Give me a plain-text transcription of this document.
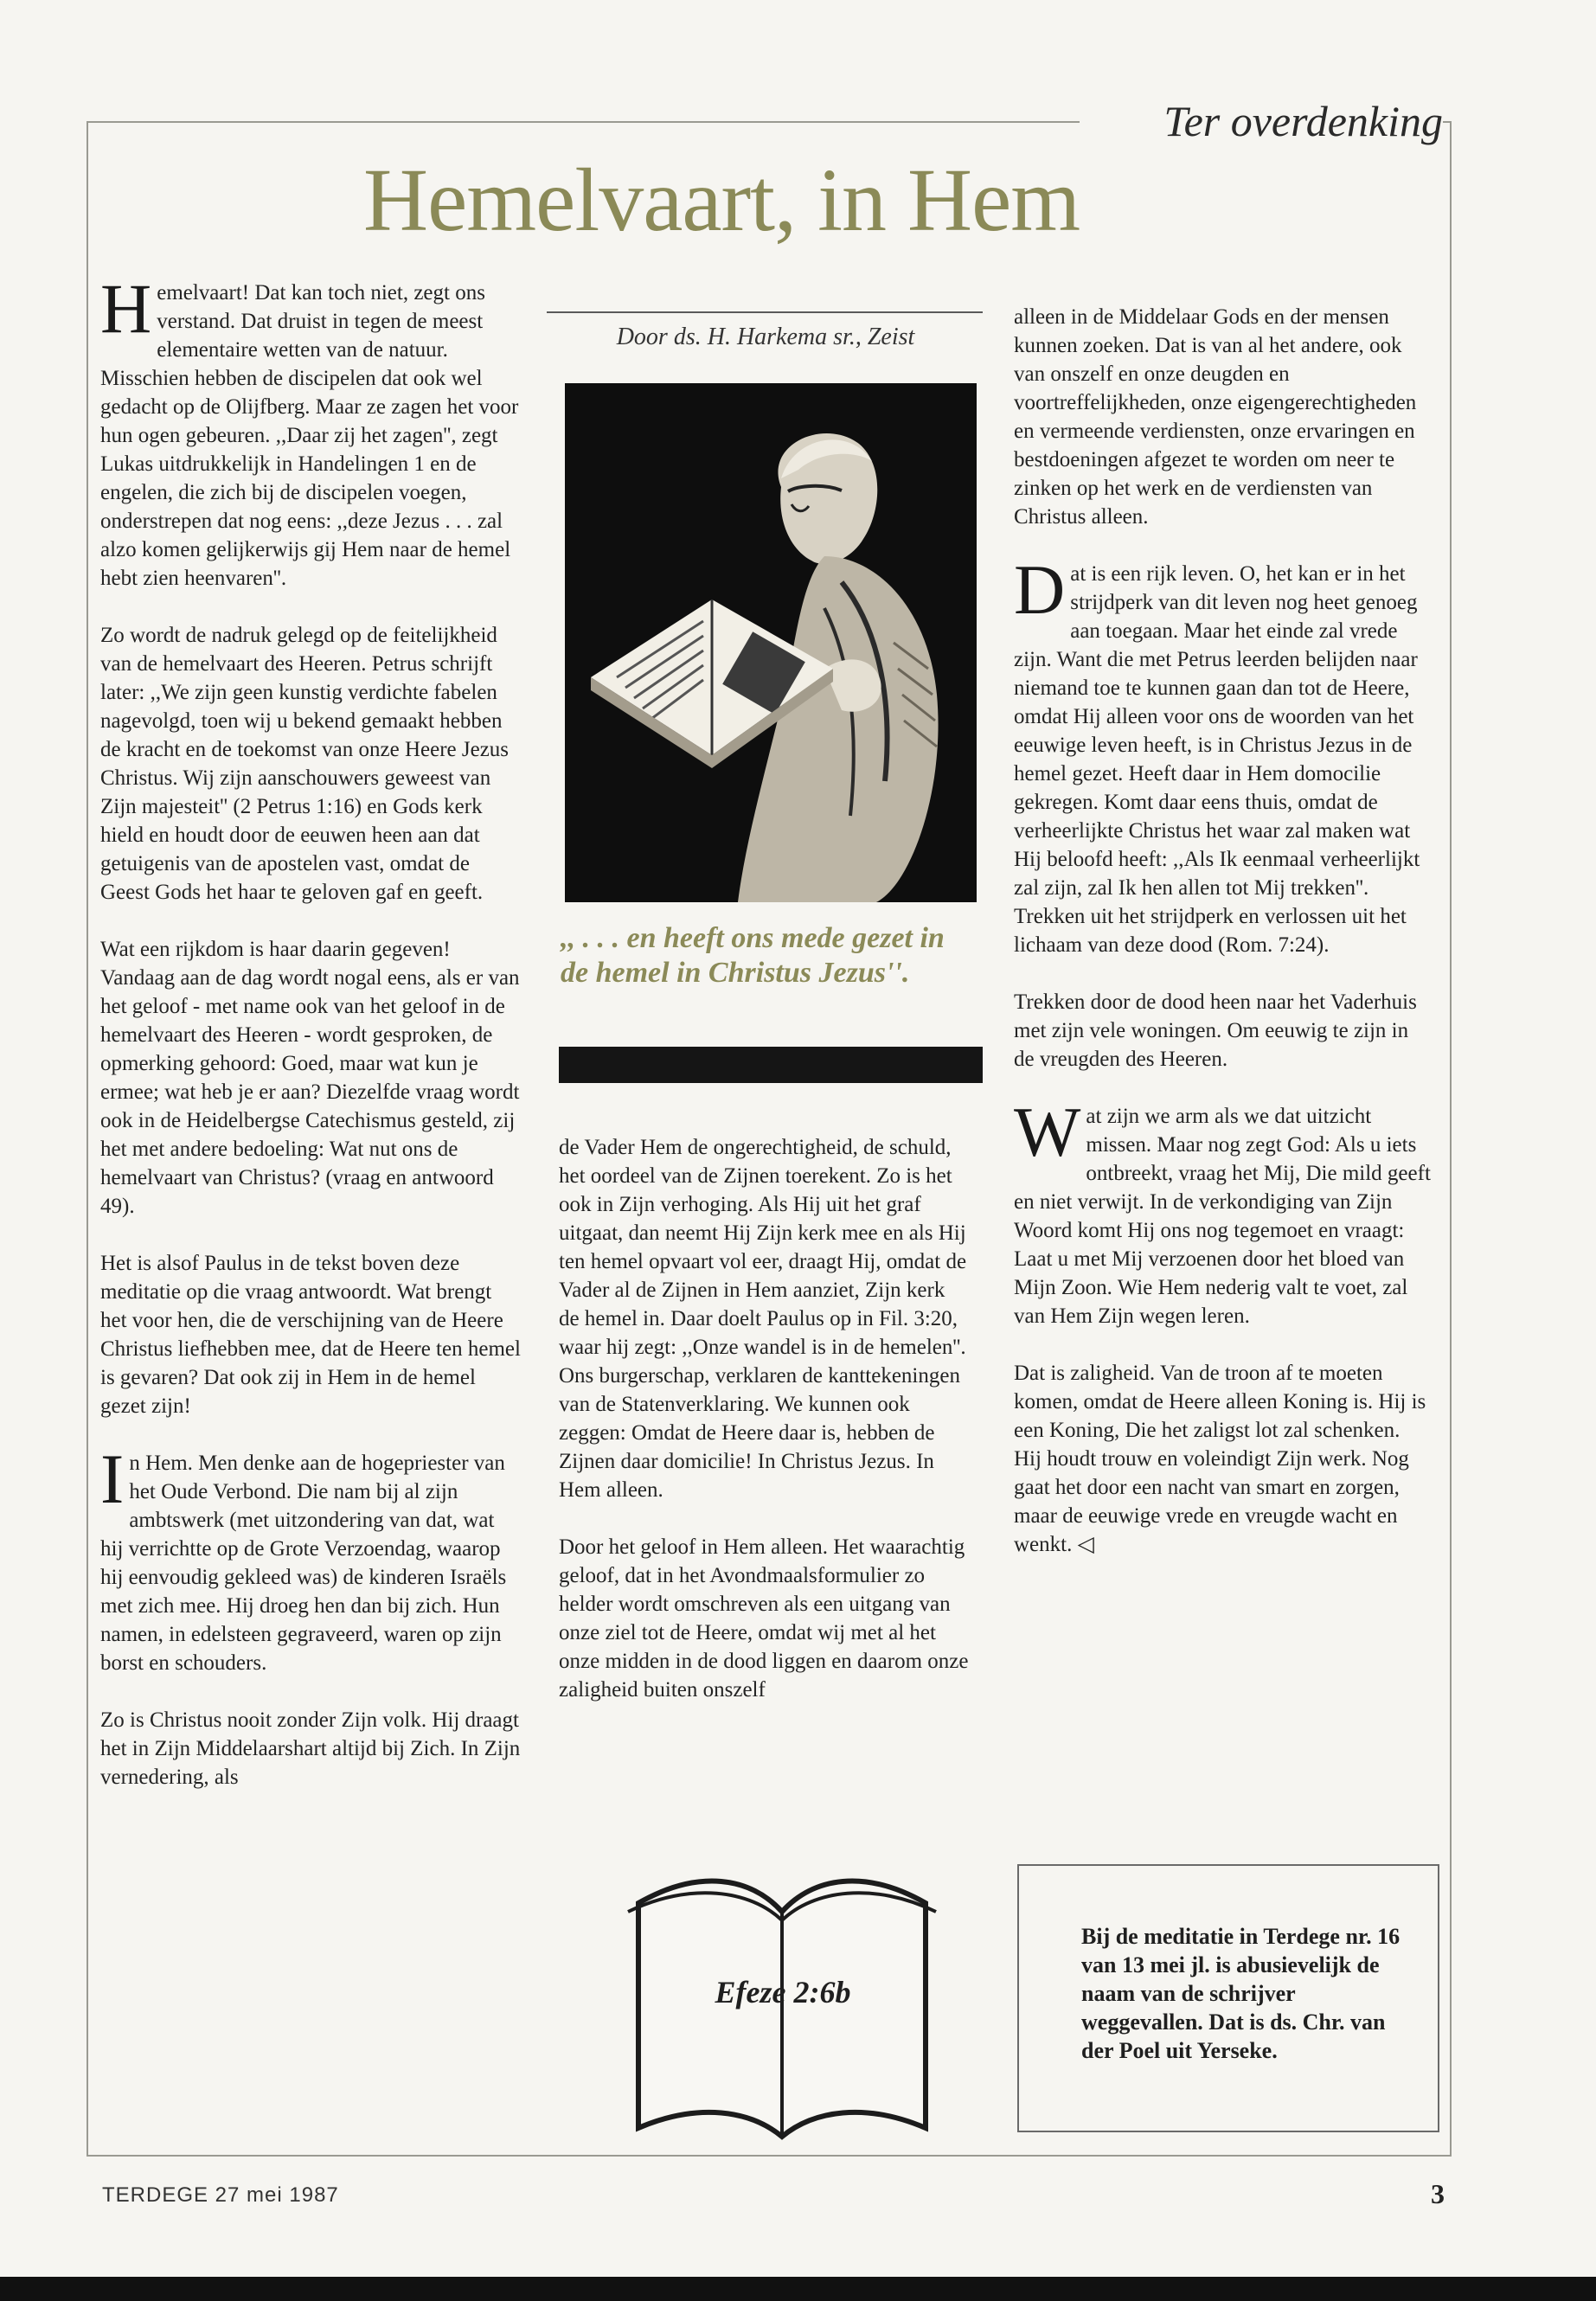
Ter overdenking
Hemelvaart, in Hem

Hemelvaart! Dat kan toch niet, zegt ons verstand. Dat druist in tegen de meest elementaire wetten van de natuur. Misschien hebben de discipelen dat ook wel gedacht op de Olijfberg. Maar ze zagen het voor hun ogen gebeuren. ,,Daar zij het zagen'', zegt Lukas uitdrukkelijk in Handelingen 1 en de engelen, die zich bij de discipelen voegen, onderstrepen dat nog eens: ,,deze Jezus . . . zal alzo komen gelijkerwijs gij Hem naar de hemel hebt zien heenvaren''.

Zo wordt de nadruk gelegd op de feitelijkheid van de hemelvaart des Heeren. Petrus schrijft later: ,,We zijn geen kunstig verdichte fabelen nagevolgd, toen wij u bekend gemaakt hebben de kracht en de toekomst van onze Heere Jezus Christus. Wij zijn aanschouwers geweest van Zijn majesteit'' (2 Petrus 1:16) en Gods kerk hield en houdt door de eeuwen heen aan dat getuigenis van de apostelen vast, omdat de Geest Gods het haar te geloven gaf en geeft.

Wat een rijkdom is haar daarin gegeven! Vandaag aan de dag wordt nogal eens, als er van het geloof - met name ook van het geloof in de hemelvaart des Heeren - wordt gesproken, de opmerking gehoord: Goed, maar wat kun je ermee; wat heb je er aan? Diezelfde vraag wordt ook in de Heidelbergse Catechismus gesteld, zij het met andere bedoeling: Wat nut ons de hemelvaart van Christus? (vraag en antwoord 49).

Het is alsof Paulus in de tekst boven deze meditatie op die vraag antwoordt. Wat brengt het voor hen, die de verschijning van de Heere Christus liefhebben mee, dat de Heere ten hemel is gevaren? Dat ook zij in Hem in de hemel gezet zijn!

In Hem. Men denke aan de hogepriester van het Oude Verbond. Die nam bij al zijn ambtswerk (met uitzondering van dat, wat hij verrichtte op de Grote Verzoendag, waarop hij eenvoudig gekleed was) de kinderen Israëls met zich mee. Hij droeg hen dan bij zich. Hun namen, in edelsteen gegraveerd, waren op zijn borst en schouders.

Zo is Christus nooit zonder Zijn volk. Hij draagt het in Zijn Middelaarshart altijd bij Zich. In Zijn vernedering, als

Door ds. H. Harkema sr., Zeist
,, . . . en heeft ons mede gezet in de hemel in Christus Jezus''.

de Vader Hem de ongerechtigheid, de schuld, het oordeel van de Zijnen toerekent. Zo is het ook in Zijn verhoging. Als Hij uit het graf uitgaat, dan neemt Hij Zijn kerk mee en als Hij ten hemel opvaart vol eer, draagt Hij, omdat de Vader al de Zijnen in Hem aanziet, Zijn kerk de hemel in. Daar doelt Paulus op in Fil. 3:20, waar hij zegt: ,,Onze wandel is in de hemelen''. Ons burgerschap, verklaren de kanttekeningen van de Statenverklaring. We kunnen ook zeggen: Omdat de Heere daar is, hebben de Zijnen daar domicilie! In Christus Jezus. In Hem alleen.

Door het geloof in Hem alleen. Het waarachtig geloof, dat in het Avondmaalsformulier zo helder wordt omschreven als een uitgang van onze ziel tot de Heere, omdat wij met al het onze midden in de dood liggen en daarom onze zaligheid buiten onszelf

Efeze 2:6b

alleen in de Middelaar Gods en der mensen kunnen zoeken. Dat is van al het andere, ook van onszelf en onze deugden en voortreffelijkheden, onze eigengerechtigheden en vermeende verdiensten, onze ervaringen en bestdoeningen afgezet te worden om neer te zinken op het werk en de verdiensten van Christus alleen.

Dat is een rijk leven. O, het kan er in het strijdperk van dit leven nog heet genoeg aan toegaan. Maar het einde zal vrede zijn. Want die met Petrus leerden belijden naar niemand toe te kunnen gaan dan tot de Heere, omdat Hij alleen voor ons de woorden van het eeuwige leven heeft, is in Christus Jezus in de hemel gezet. Heeft daar in Hem domocilie gekregen. Komt daar eens thuis, omdat de verheerlijkte Christus het waar zal maken wat Hij beloofd heeft: ,,Als Ik eenmaal verheerlijkt zal zijn, zal Ik hen allen tot Mij trekken''. Trekken uit het strijdperk en verlossen uit het lichaam van deze dood (Rom. 7:24).

Trekken door de dood heen naar het Vaderhuis met zijn vele woningen. Om eeuwig te zijn in de vreugden des Heeren.

Wat zijn we arm als we dat uitzicht missen. Maar nog zegt God: Als u iets ontbreekt, vraag het Mij, Die mild geeft en niet verwijt. In de verkondiging van Zijn Woord komt Hij ons nog tegemoet en vraagt: Laat u met Mij verzoenen door het bloed van Mijn Zoon. Wie Hem nederig valt te voet, zal van Hem Zijn wegen leren.

Dat is zaligheid. Van de troon af te moeten komen, omdat de Heere alleen Koning is. Hij is een Koning, Die het zaligst lot zal schenken. Hij houdt trouw en voleindigt Zijn werk. Nog gaat het door een nacht van smart en zorgen, maar de eeuwige vrede en vreugde wacht en wenkt. ◁

Bij de meditatie in Terdege nr. 16 van 13 mei jl. is abusievelijk de naam van de schrijver weggevallen. Dat is ds. Chr. van der Poel uit Yerseke.
TERDEGE 27 mei 1987	3
